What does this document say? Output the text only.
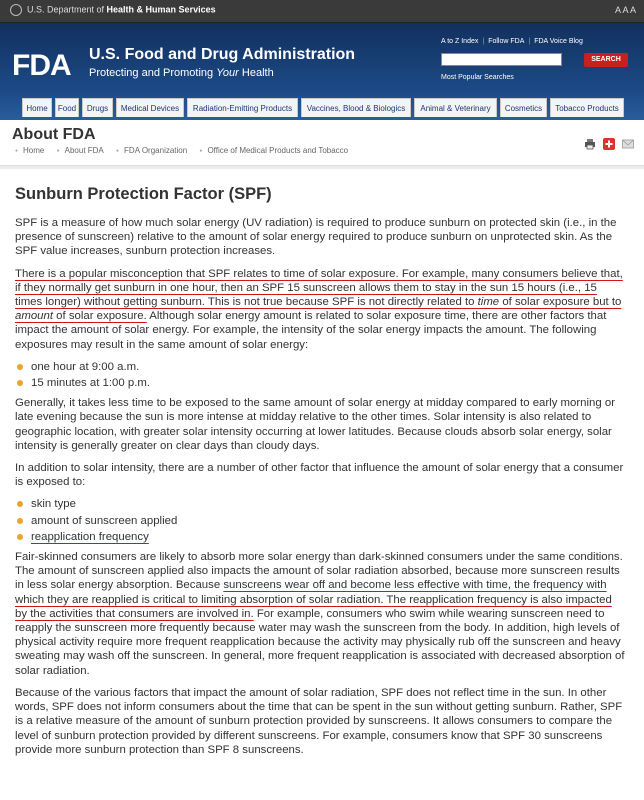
U.S. Department of Health & Human Services	A A A
FDA U.S. Food and Drug Administration
Protecting and Promoting Your Health
A to Z Index | Follow FDA | FDA Voice Blog
SEARCH
Most Popular Searches
Home	Food	Drugs	Medical Devices	Radiation-Emitting Products	Vaccines, Blood & Biologics	Animal & Veterinary	Cosmetics	Tobacco Products
About FDA
● Home	● About FDA	● FDA Organization	● Office of Medical Products and Tobacco
Sunburn Protection Factor (SPF)

SPF is a measure of how much solar energy (UV radiation) is required to produce sunburn on protected skin (i.e., in the presence of sunscreen) relative to the amount of solar energy required to produce sunburn on unprotected skin. As the SPF value increases, sunburn protection increases.

There is a popular misconception that SPF relates to time of solar exposure. For example, many consumers believe that, if they normally get sunburn in one hour, then an SPF 15 sunscreen allows them to stay in the sun 15 hours (i.e., 15 times longer) without getting sunburn. This is not true because SPF is not directly related to time of solar exposure but to amount of solar exposure. Although solar energy amount is related to solar exposure time, there are other factors that impact the amount of solar energy. For example, the intensity of the solar energy impacts the amount. The following exposures may result in the same amount of solar energy:

one hour at 9:00 a.m.
15 minutes at 1:00 p.m.

Generally, it takes less time to be exposed to the same amount of solar energy at midday compared to early morning or late evening because the sun is more intense at midday relative to the other times. Solar intensity is also related to geographic location, with greater solar intensity occurring at lower latitudes. Because clouds absorb solar energy, solar intensity is generally greater on clear days than cloudy days.

In addition to solar intensity, there are a number of other factor that influence the amount of solar energy that a consumer is exposed to:

skin type
amount of sunscreen applied
reapplication frequency

Fair-skinned consumers are likely to absorb more solar energy than dark-skinned consumers under the same conditions. The amount of sunscreen applied also impacts the amount of solar radiation absorbed, because more sunscreen results in less solar energy absorption. Because sunscreens wear off and become less effective with time, the frequency with which they are reapplied is critical to limiting absorption of solar radiation. The reapplication frequency is also impacted by the activities that consumers are involved in. For example, consumers who swim while wearing sunscreen need to reapply the sunscreen more frequently because water may wash the sunscreen from the body. In addition, high levels of physical activity require more frequent reapplication because the activity may physically rub off the sunscreen and heavy sweating may wash off the sunscreen. In general, more frequent reapplication is associated with decreased absorption of solar radiation.

Because of the various factors that impact the amount of solar radiation, SPF does not reflect time in the sun. In other words, SPF does not inform consumers about the time that can be spent in the sun without getting sunburn. Rather, SPF is a relative measure of the amount of sunburn protection provided by sunscreens. It allows consumers to compare the level of sunburn protection provided by different sunscreens. For example, consumers know that SPF 30 sunscreens provide more sunburn protection than SPF 8 sunscreens.
